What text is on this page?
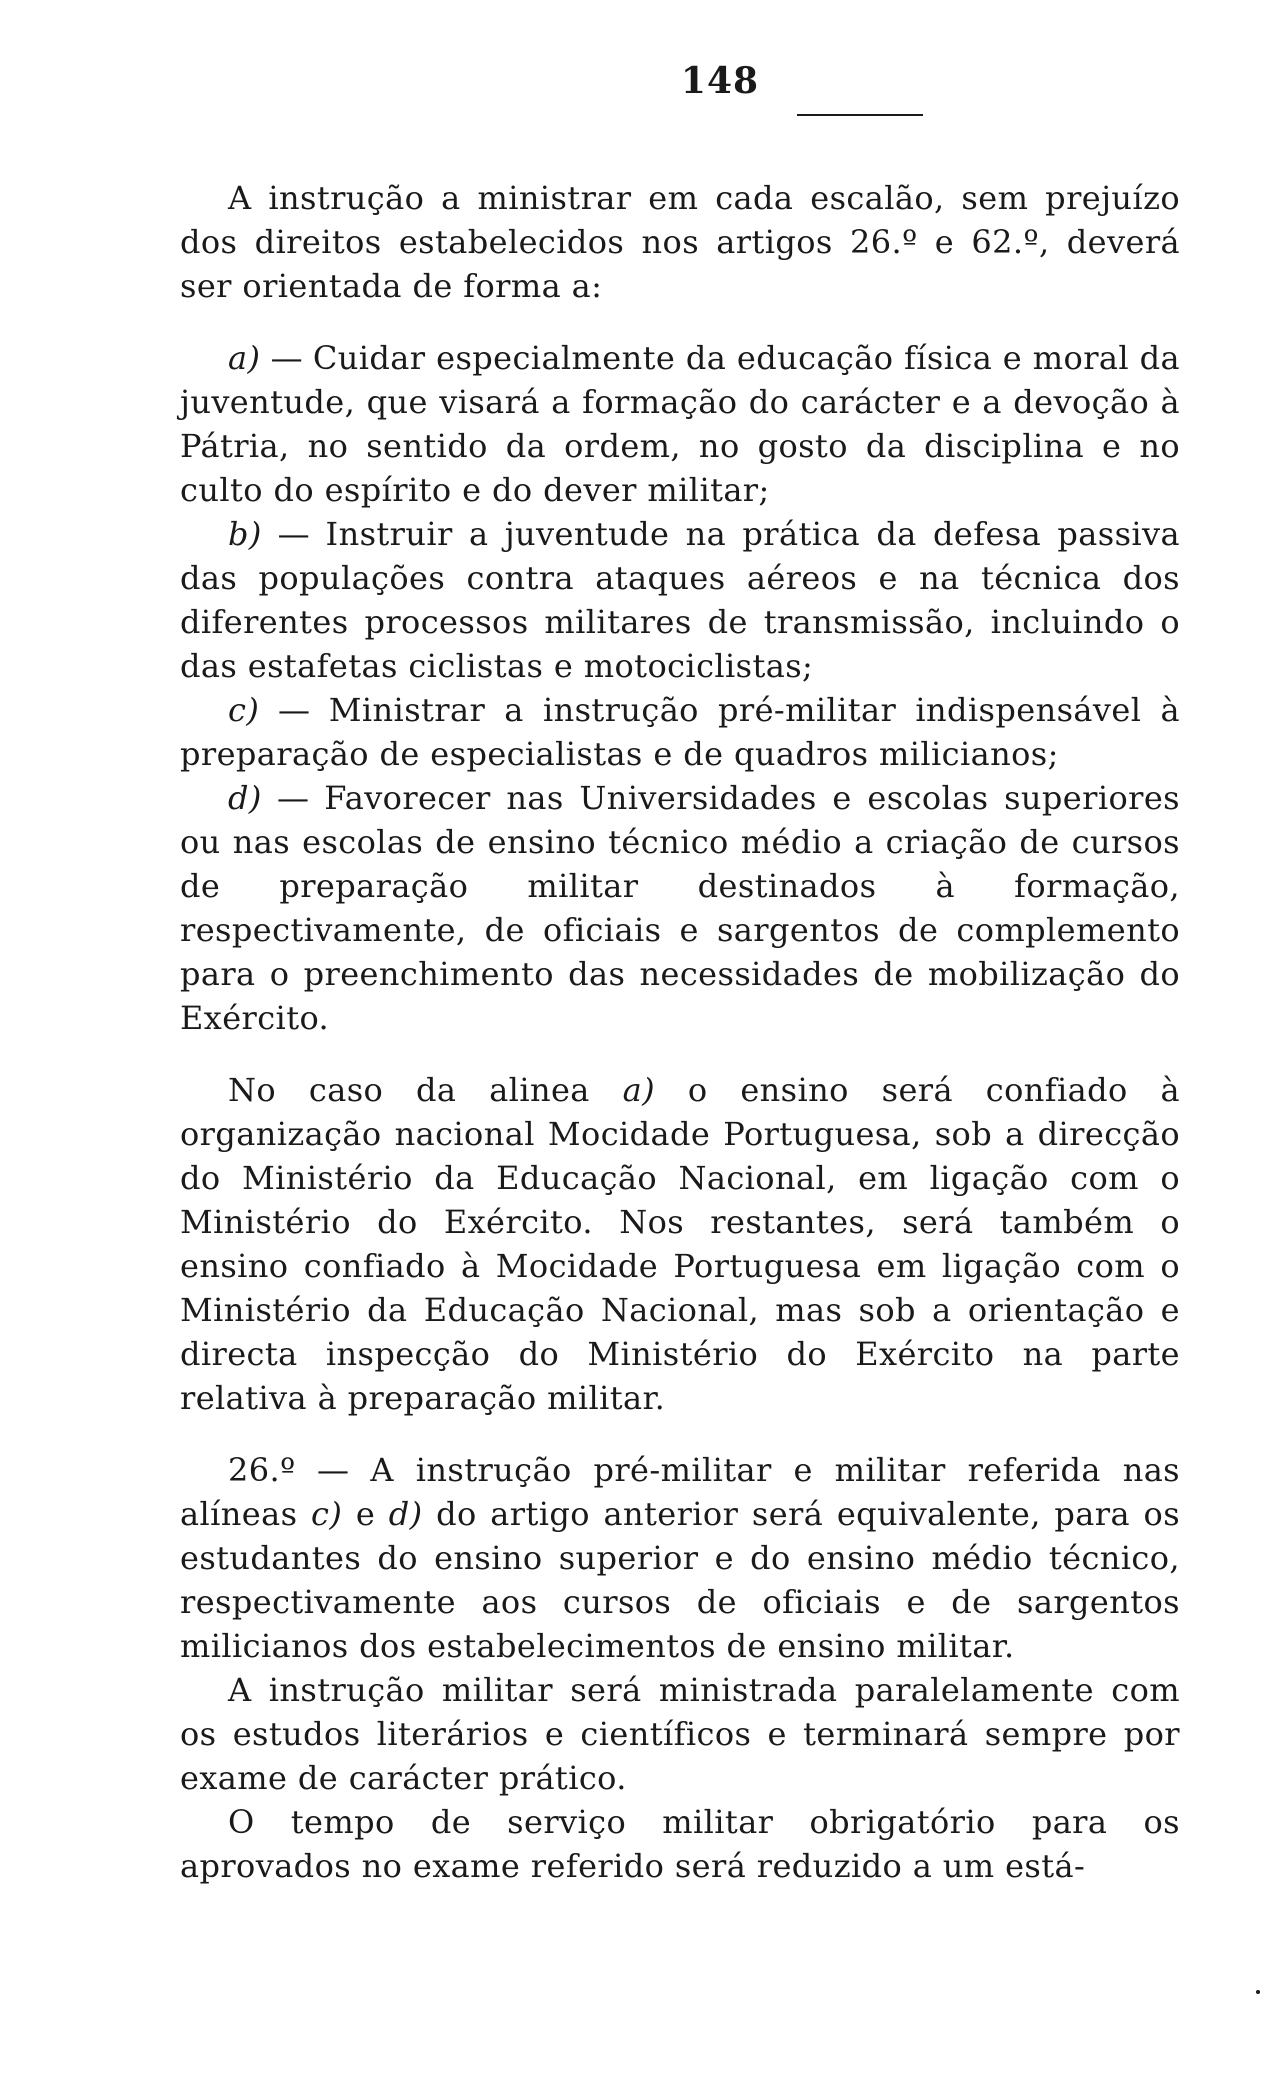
148

A instrução a ministrar em cada escalão, sem prejuízo dos direitos estabelecidos nos artigos 26.º e 62.º, deverá ser orientada de forma a:

a) — Cuidar especialmente da educação física e moral da juventude, que visará a formação do carácter e a devoção à Pátria, no sentido da ordem, no gosto da disciplina e no culto do espírito e do dever militar;

b) — Instruir a juventude na prática da defesa passiva das populações contra ataques aéreos e na técnica dos diferentes processos militares de transmissão, incluindo o das estafetas ciclistas e motociclistas;

c) — Ministrar a instrução pré-militar indispensável à preparação de especialistas e de quadros milicianos;

d) — Favorecer nas Universidades e escolas superiores ou nas escolas de ensino técnico médio a criação de cursos de preparação militar destinados à formação, respectivamente, de oficiais e sargentos de complemento para o preenchimento das necessidades de mobilização do Exército.

No caso da alinea a) o ensino será confiado à organização nacional Mocidade Portuguesa, sob a direcção do Ministério da Educação Nacional, em ligação com o Ministério do Exército. Nos restantes, será também o ensino confiado à Mocidade Portuguesa em ligação com o Ministério da Educação Nacional, mas sob a orientação e directa inspecção do Ministério do Exército na parte relativa à preparação militar.

26.º — A instrução pré-militar e militar referida nas alíneas c) e d) do artigo anterior será equivalente, para os estudantes do ensino superior e do ensino médio técnico, respectivamente aos cursos de oficiais e de sargentos milicianos dos estabelecimentos de ensino militar.

A instrução militar será ministrada paralelamente com os estudos literários e científicos e terminará sempre por exame de carácter prático.

O tempo de serviço militar obrigatório para os aprovados no exame referido será reduzido a um está-
